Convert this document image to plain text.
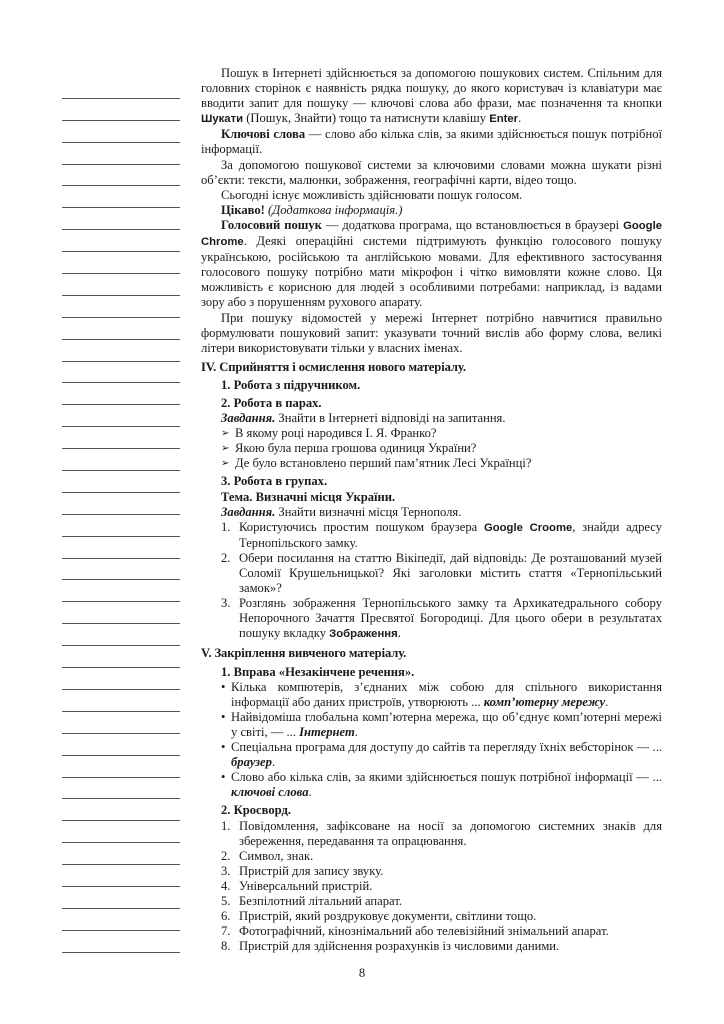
Пошук в Інтернеті здійснюється за допомогою пошукових систем. Спільним для головних сторінок є наявність рядка пошуку, до якого користувач із клавіатури має вводити запит для пошуку — ключові слова або фрази, має позначення та кнопки Шукати (Пошук, Знайти) тощо та натиснути клавішу Enter.

Ключові слова — слово або кілька слів, за якими здійснюється пошук потрібної інформації.

За допомогою пошукової системи за ключовими словами можна шукати різні об’єкти: тексти, малюнки, зображення, географічні карти, відео тощо.

Сьогодні існує можливість здійснювати пошук голосом.

Цікаво! (Додаткова інформація.)

Голосовий пошук — додаткова програма, що встановлюється в браузері Google Chrome. Деякі операційні системи підтримують функцію голосового пошуку українською, російською та англійською мовами. Для ефективного застосування голосового пошуку потрібно мати мікрофон і чітко вимовляти кожне слово. Ця можливість є корисною для людей з особливими потребами: наприклад, із вадами зору або з порушенням рухового апарату.

При пошуку відомостей у мережі Інтернет потрібно навчитися правильно формулювати пошуковий запит: указувати точний вислів або форму слова, великі літери використовувати тільки у власних іменах.

IV. Сприйняття і осмислення нового матеріалу.

1. Робота з підручником.

2. Робота в парах.

Завдання. Знайти в Інтернеті відповіді на запитання.

➢ В якому році народився І. Я. Франко?
➢ Якою була перша грошова одиниця України?
➢ Де було встановлено перший пам’ятник Лесі Українці?

3. Робота в групах.

Тема. Визначні місця України.

Завдання. Знайти визначні місця Тернополя.

1. Користуючись простим пошуком браузера Google Croome, знайди адресу Тернопільского замку.
2. Обери посилання на статтю Вікіпедії, дай відповідь: Де розташований музей Соломії Крушельницької? Які заголовки містить стаття «Тернопільський замок»?
3. Розглянь зображення Тернопільського замку та Архикатедрального собору Непорочного Зачаття Пресвятої Богородиці. Для цього обери в результатах пошуку вкладку Зображення.

V. Закріплення вивченого матеріалу.

1. Вправа «Незакінчене речення».

• Кілька компютерів, з’єднаних між собою для спільного використання інформації або даних пристроїв, утворюють ... комп’ютерну мережу.
• Найвідоміша глобальна комп’ютерна мережа, що об’єднує комп’ютерні мережі у світі, — ... Інтернет.
• Спеціальна програма для доступу до сайтів та перегляду їхніх вебсторінок — ... браузер.
• Слово або кілька слів, за якими здійснюється пошук потрібної інформації — ... ключові слова.

2. Кросворд.

1. Повідомлення, зафіксоване на носії за допомогою системних знаків для збереження, передавання та опрацювання.
2. Символ, знак.
3. Пристрій для запису звуку.
4. Універсальний пристрій.
5. Безпілотний літальний апарат.
6. Пристрій, який роздруковує документи, світлини тощо.
7. Фотографічний, кінознімальний або телевізійний знімальний апарат.
8. Пристрій для здійснення розрахунків із числовими даними.
8
